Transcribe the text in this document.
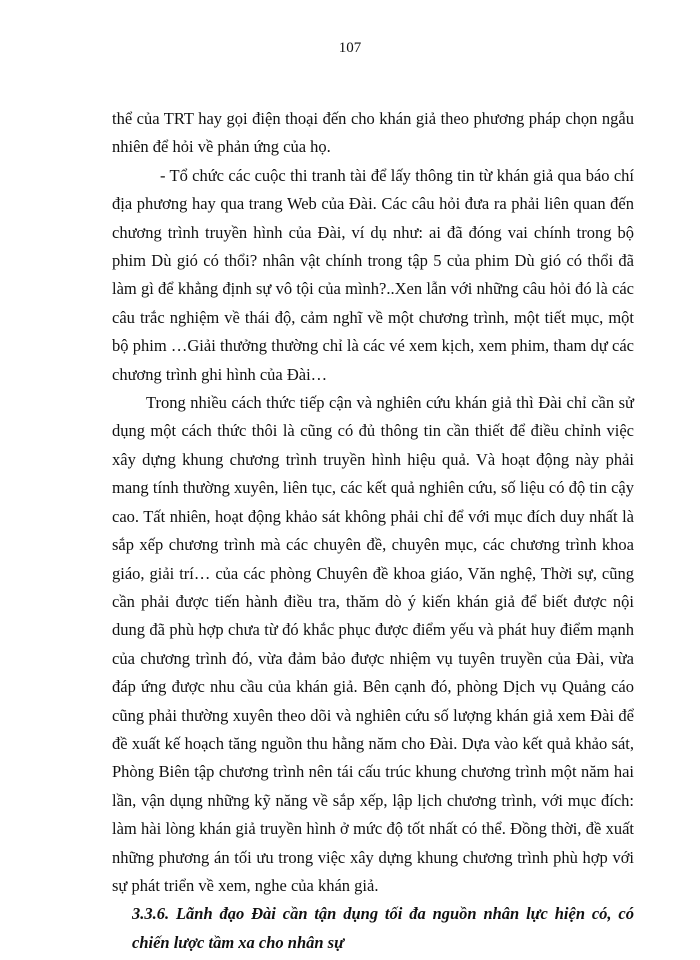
107

thể của TRT hay gọi điện thoại đến cho khán giả theo phương pháp chọn ngẫu nhiên để hỏi về phản ứng của họ.

- Tổ chức các cuộc thi tranh tài để lấy thông tin từ khán giả qua báo chí địa phương hay qua trang Web của Đài. Các câu hỏi đưa ra phải liên quan đến chương trình truyền hình của Đài, ví dụ như: ai đã đóng vai chính trong bộ phim Dù gió có thổi? nhân vật chính trong tập 5 của phim Dù gió có thổi đã làm gì để khẳng định sự vô tội của mình?..Xen lẫn với những câu hỏi đó là các câu trắc nghiệm về thái độ, cảm nghĩ về một chương trình, một tiết mục, một bộ phim …Giải thưởng thường chỉ là các vé xem kịch, xem phim, tham dự các chương trình ghi hình của Đài…

Trong nhiều cách thức tiếp cận và nghiên cứu khán giả thì Đài chỉ cần sử dụng một cách thức thôi là cũng có đủ thông tin cần thiết để điều chỉnh việc xây dựng khung chương trình truyền hình hiệu quả. Và hoạt động này phải mang tính thường xuyên, liên tục, các kết quả nghiên cứu, số liệu có độ tin cậy cao. Tất nhiên, hoạt động khảo sát không phải chỉ để với mục đích duy nhất là sắp xếp chương trình mà các chuyên đề, chuyên mục, các chương trình khoa giáo, giải trí… của các phòng Chuyên đề khoa giáo, Văn nghệ, Thời sự, cũng cần phải được tiến hành điều tra, thăm dò ý kiến khán giả để biết được nội dung đã phù hợp chưa từ đó khắc phục được điểm yếu và phát huy điểm mạnh của chương trình đó, vừa đảm bảo được nhiệm vụ tuyên truyền của Đài, vừa đáp ứng được nhu cầu của khán giả. Bên cạnh đó, phòng Dịch vụ Quảng cáo cũng phải thường xuyên theo dõi và nghiên cứu số lượng khán giả xem Đài để đề xuất kế hoạch tăng nguồn thu hằng năm cho Đài. Dựa vào kết quả khảo sát, Phòng Biên tập chương trình nên tái cấu trúc khung chương trình một năm hai lần, vận dụng những kỹ năng về sắp xếp, lập lịch chương trình, với mục đích: làm hài lòng khán giả truyền hình ở mức độ tốt nhất có thể. Đồng thời, đề xuất những phương án tối ưu trong việc xây dựng khung chương trình phù hợp với sự phát triển về xem, nghe của khán giả.

3.3.6. Lãnh đạo Đài cần tận dụng tối đa nguồn nhân lực hiện có, có chiến lược tầm xa cho nhân sự
